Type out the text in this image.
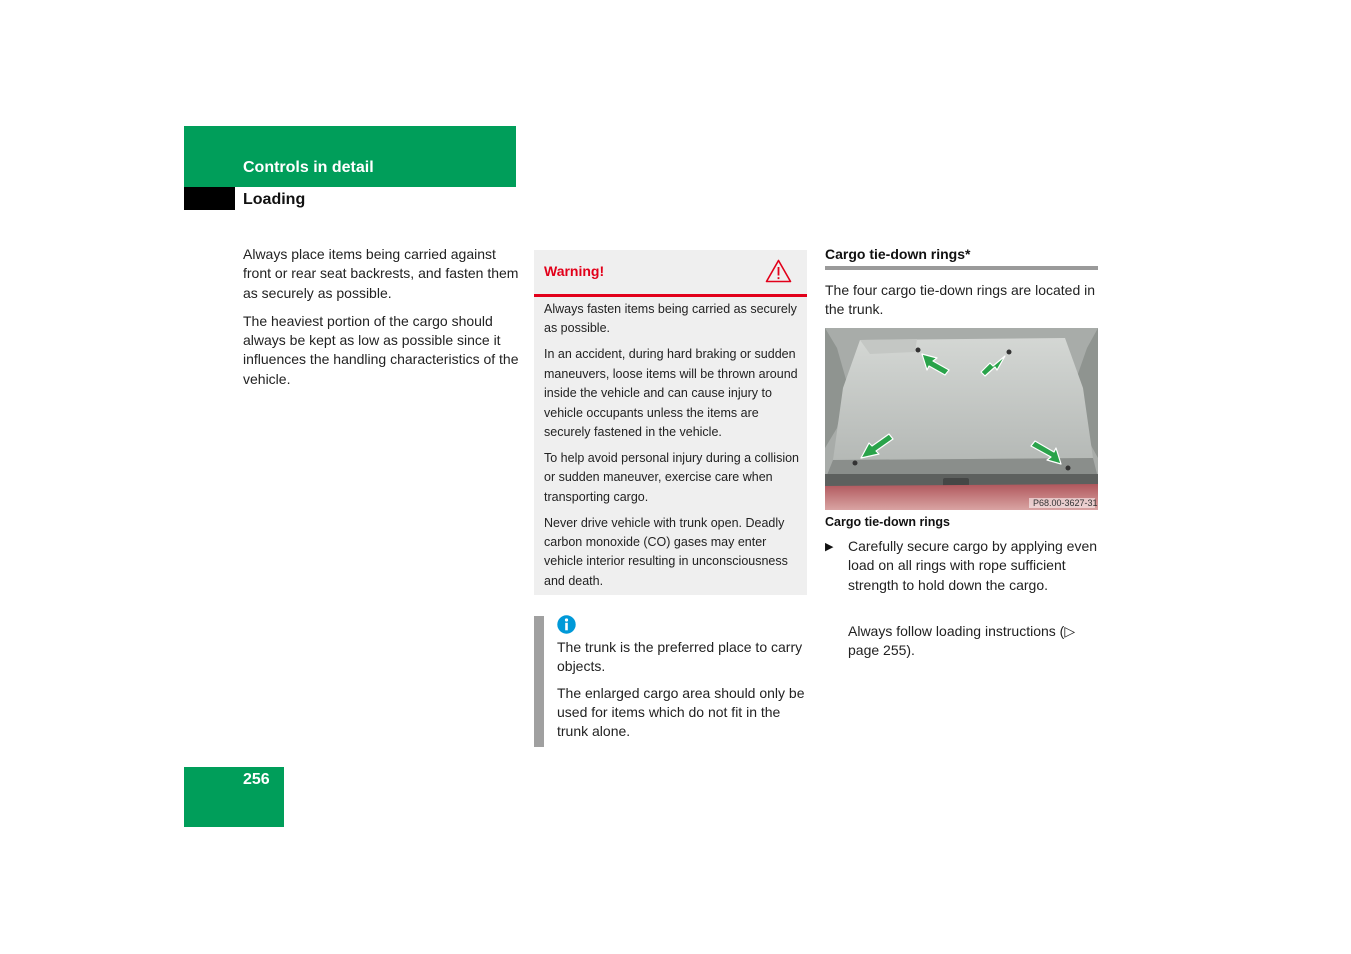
Controls in detail
Loading

Always place items being carried against front or rear seat backrests, and fasten them as securely as possible.

The heaviest portion of the cargo should always be kept as low as possible since it influences the handling characteristics of the vehicle.

Warning!

Always fasten items being carried as securely as possible.

In an accident, during hard braking or sudden maneuvers, loose items will be thrown around inside the vehicle and can cause injury to vehicle occupants unless the items are securely fastened in the vehicle.

To help avoid personal injury during a collision or sudden maneuver, exercise care when transporting cargo.

Never drive vehicle with trunk open. Deadly carbon monoxide (CO) gases may enter vehicle interior resulting in unconsciousness and death.

The trunk is the preferred place to carry objects.

The enlarged cargo area should only be used for items which do not fit in the trunk alone.

Cargo tie-down rings*
The four cargo tie-down rings are located in the trunk.
P68.00-3627-31
Cargo tie-down rings
▶ Carefully secure cargo by applying even load on all rings with rope sufficient strength to hold down the cargo.
Always follow loading instructions (▷ page 255).
256
